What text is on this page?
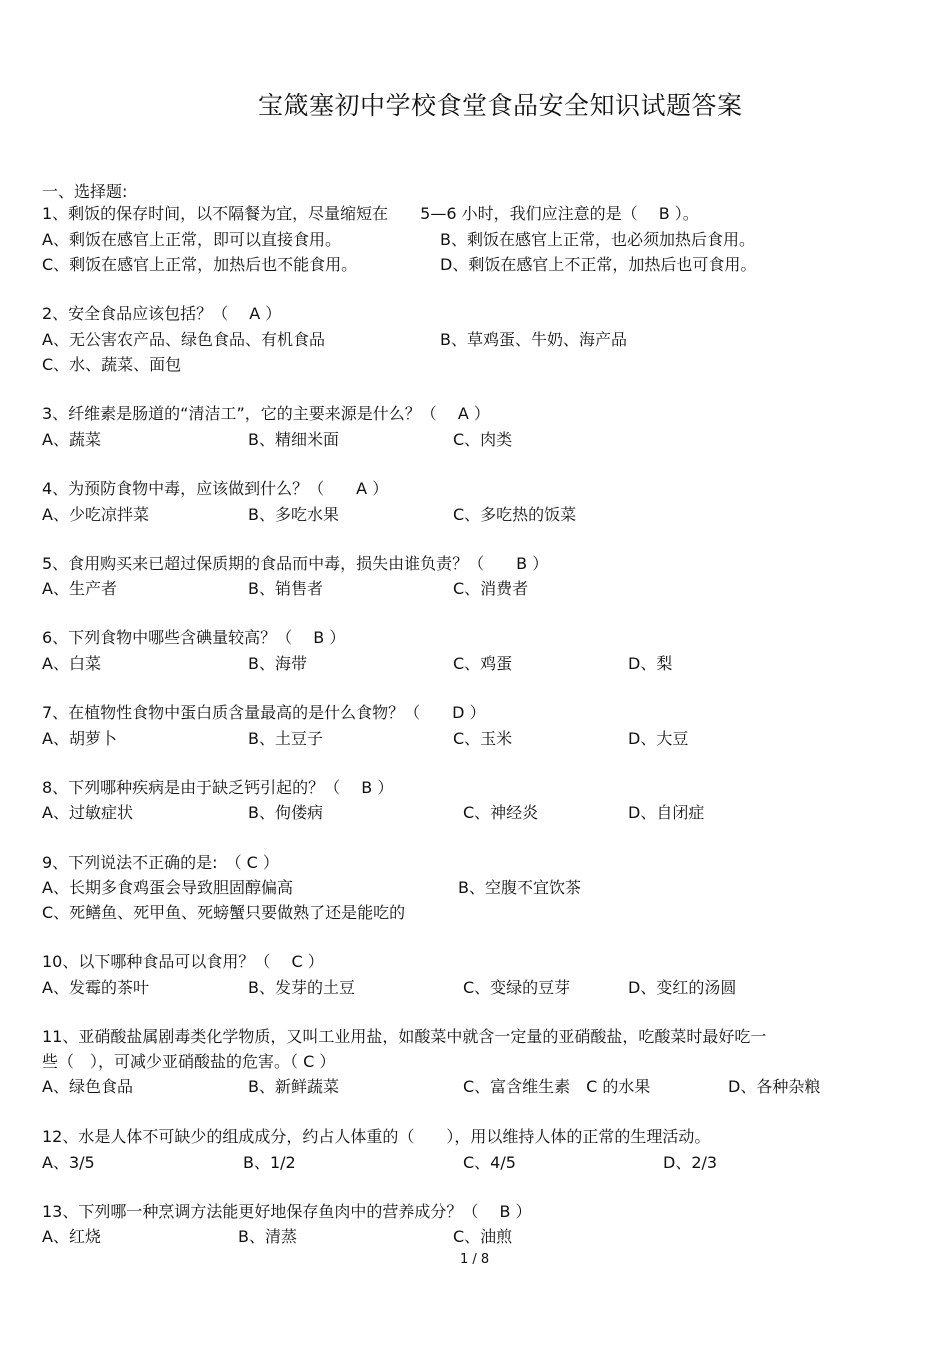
宝箴塞初中学校食堂食品安全知识试题答案
一、选择题:
1、剩饭的保存时间，以不隔餐为宜，尽量缩短在　　5—6 小时，我们应注意的是（　 B ）。
A、剩饭在感官上正常，即可以直接食用。	B、剩饭在感官上正常，也必须加热后食用。
C、剩饭在感官上正常，加热后也不能食用。	D、剩饭在感官上不正常，加热后也可食用。
2、安全食品应该包括？（　 A ）
A、无公害农产品、绿色食品、有机食品	B、草鸡蛋、牛奶、海产品
C、水、蔬菜、面包
3、纤维素是肠道的“清洁工”，它的主要来源是什么？（　 A ）
A、蔬菜	B、精细米面	C、肉类
4、为预防食物中毒，应该做到什么？（　　A ）
A、少吃凉拌菜	B、多吃水果	C、多吃热的饭菜
5、食用购买来已超过保质期的食品而中毒，损失由谁负责？（　　B ）
A、生产者	B、销售者	C、消费者
6、下列食物中哪些含碘量较高？（　 B ）
A、白菜	B、海带	C、鸡蛋	D、梨
7、在植物性食物中蛋白质含量最高的是什么食物？（　　D ）
A、胡萝卜	B、土豆子	C、玉米	D、大豆
8、下列哪种疾病是由于缺乏钙引起的？（　 B ）
A、过敏症状	B、佝偻病	C、神经炎	D、自闭症
9、下列说法不正确的是:　（ C ）
A、长期多食鸡蛋会导致胆固醇偏高	B、空腹不宜饮茶
C、死鳝鱼、死甲鱼、死螃蟹只要做熟了还是能吃的
10、以下哪种食品可以食用？（　 C ）
A、发霉的茶叶	B、发芽的土豆	C、变绿的豆芽	D、变红的汤圆
11、亚硝酸盐属剧毒类化学物质，又叫工业用盐，如酸菜中就含一定量的亚硝酸盐，吃酸菜时最好吃一
些（　），可减少亚硝酸盐的危害。（ C ）
A、绿色食品	B、新鲜蔬菜	C、富含维生素　C 的水果	D、各种杂粮
12、水是人体不可缺少的组成成分，约占人体重的（　　），用以维持人体的正常的生理活动。
A、3/5	B、1/2	C、4/5	D、2/3
13、下列哪一种烹调方法能更好地保存鱼肉中的营养成分？（　 B ）
A、红烧	B、清蒸	C、油煎
1 / 8
